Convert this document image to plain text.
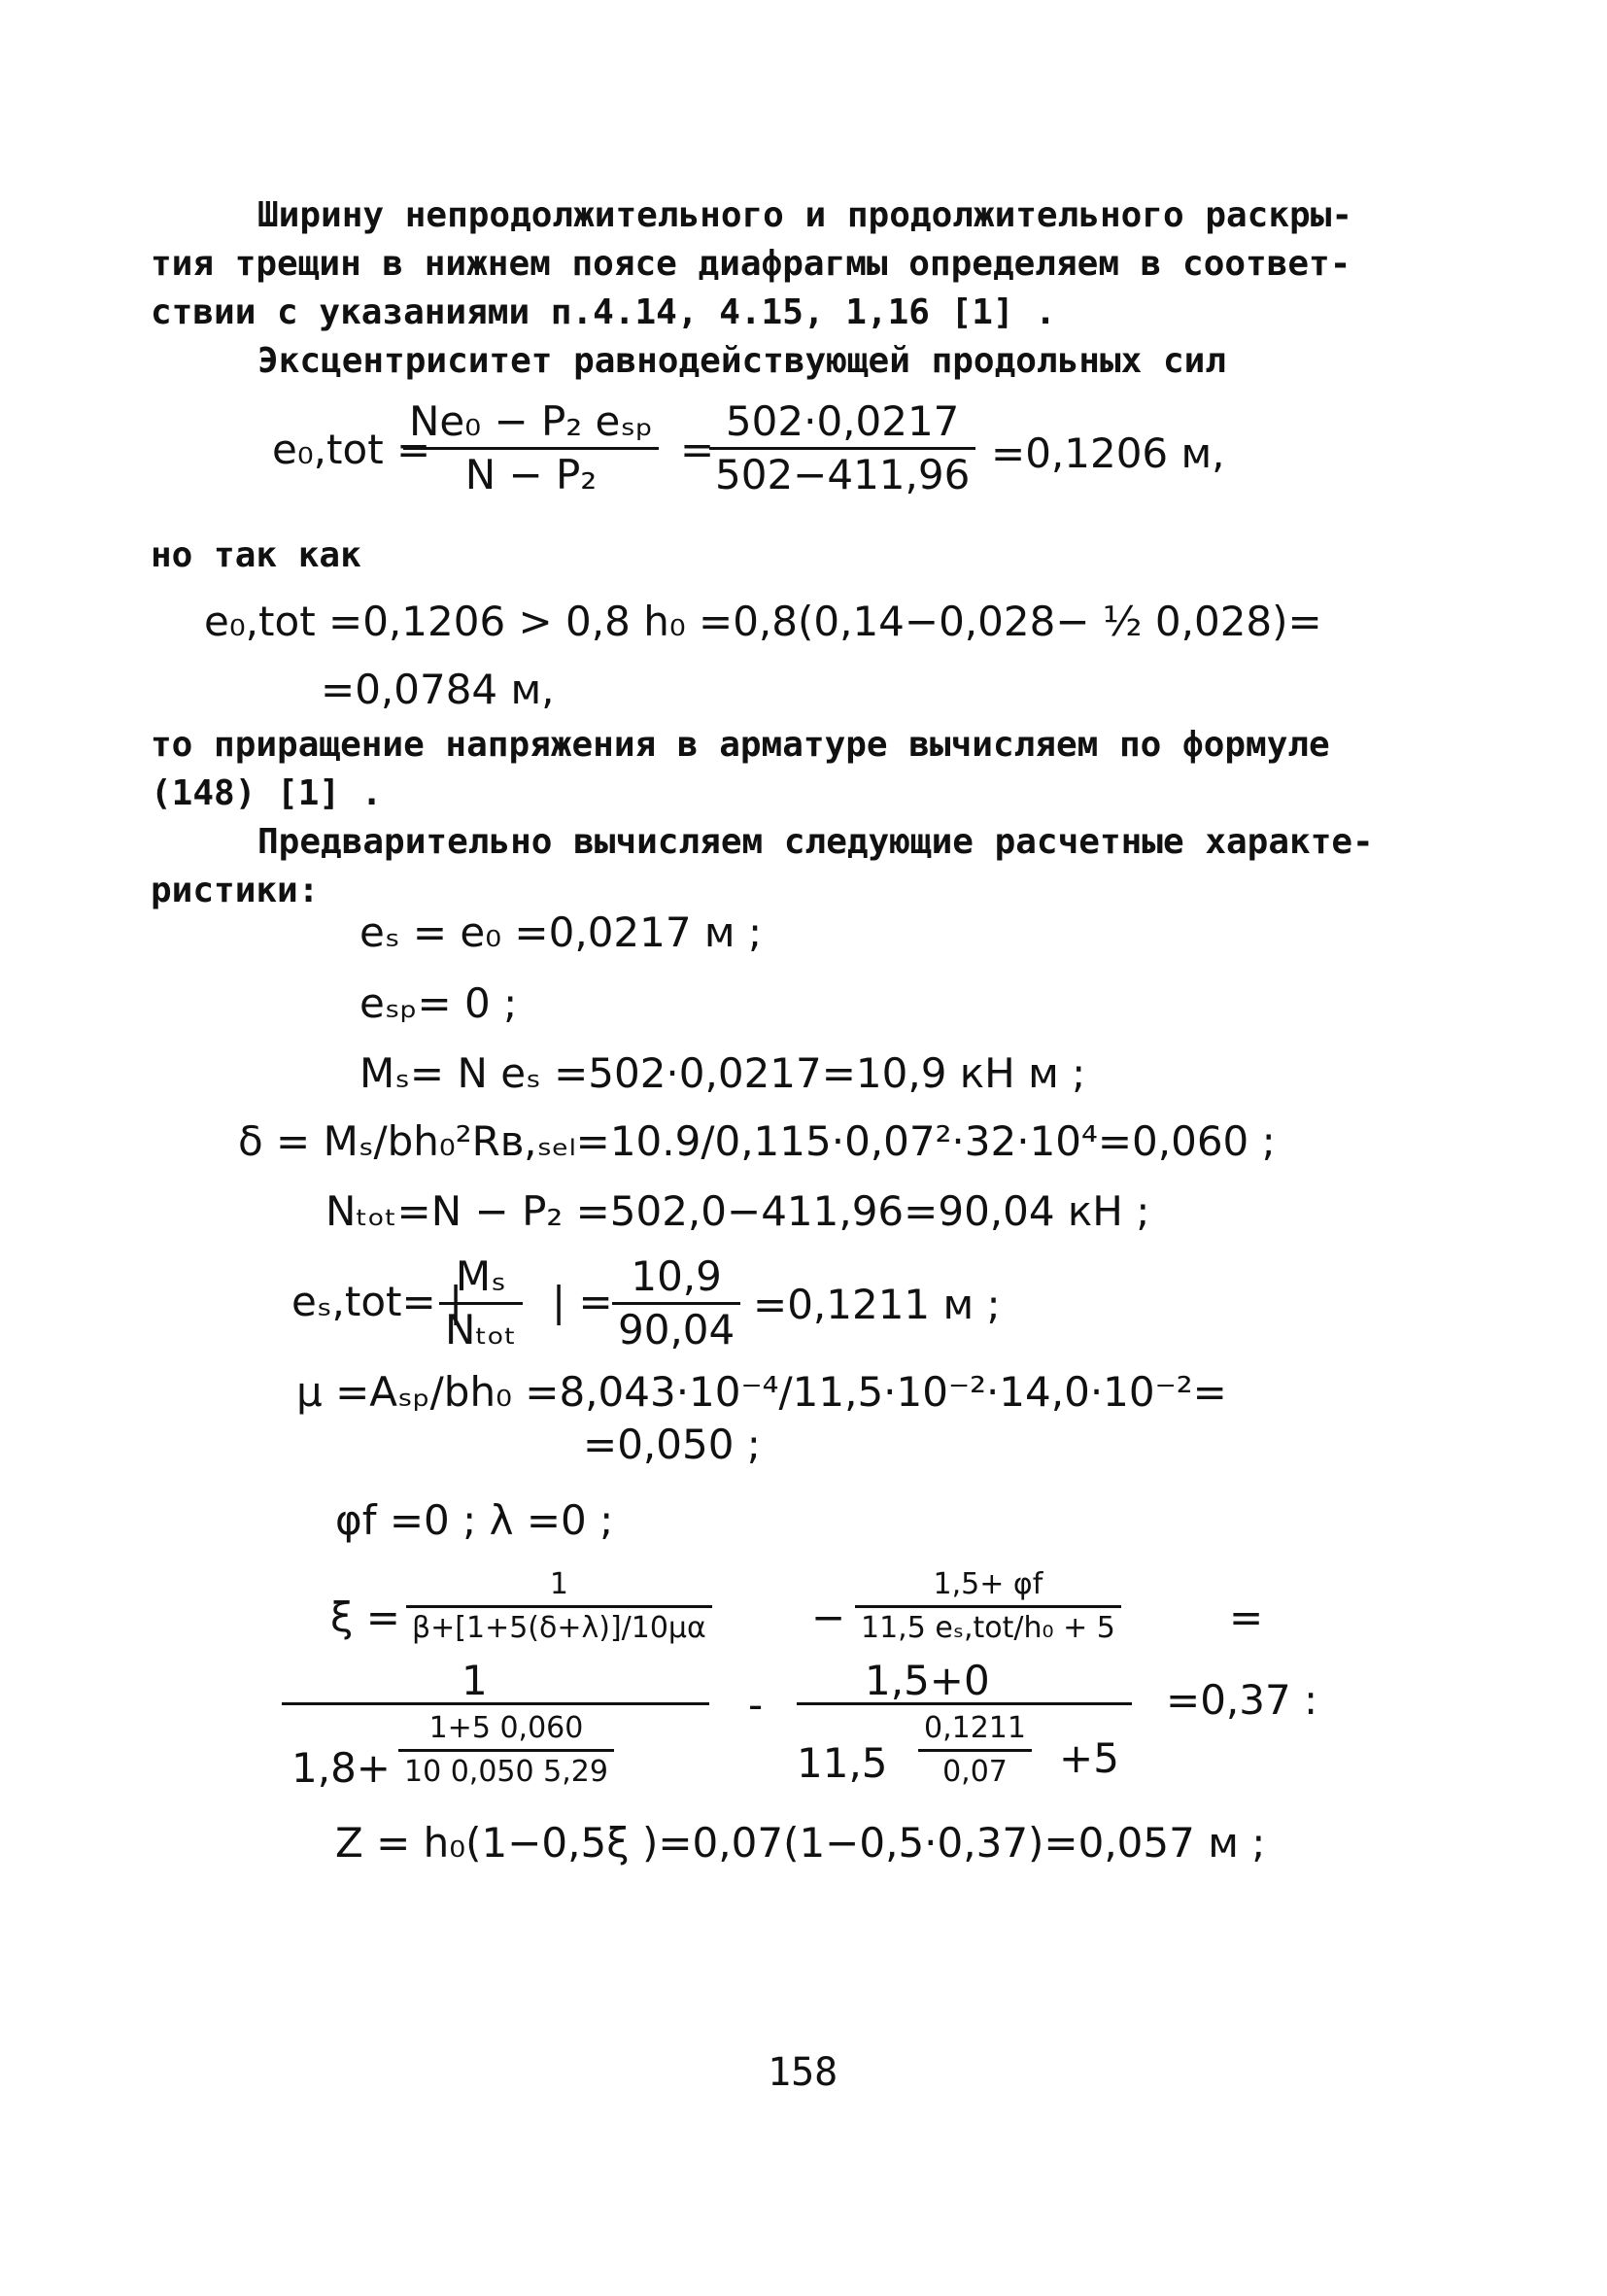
Ширину непродолжительного и продолжительного раскры-
тия трещин в нижнем поясе диафрагмы определяем в соответ-
ствии с указаниями п.4.14, 4.15, 1,16 [1] .
Эксцентриситет равнодействующей продольных сил
e₀,tot =
Ne₀ − P₂ eₛₚ
N − P₂
=
$\frac{502\cdot 0,0217}{502-411,96} =0,1206$ м,
но так как
e₀,tot =0,1206 > 0,8 h₀ =0,8(0,14−0,028− ½ 0,028)=
=0,0784 м,
то приращение напряжения в арматуре вычисляем по формуле
(148) [1] .
Предварительно вычисляем следующие расчетные характе-
ристики:
eₛ = e₀ =0,0217 м ;
eₛₚ= 0 ;
Mₛ= N eₛ =502·0,0217=10,9 кН м ;
δ = Mₛ/bh₀²Rʙ,ₛₑₗ=10.9/0,115·0,07²·32·10⁴=0,060 ;
Nₜₒₜ=N − P₂ =502,0−411,96=90,04 кН ;
eₛ,tot= |
Mₛ
Nₜₒₜ
| = $\frac{10,9}{90,04} =0,1211$ м ;
μ =Aₛₚ/bh₀ =8,043·10⁻⁴/11,5·10⁻²·14,0·10⁻²=
=0,050 ;
φf =0 ; λ =0 ;
$\xi = \frac{1}{\beta+[1+5(\delta+\lambda)]/10\mu\alpha}$ −
1,5+ φf
11,5 eₛ,tot/h₀ + 5	=
1
$1,8+ \frac{1+5 0,060}{10 0,050 5,29}$
-
1,5+0
$11,5 \frac{0,1211}{0,07} +5$
=0,37 :
Z = h₀(1−0,5ξ )=0,07(1−0,5·0,37)=0,057 м ;
158
